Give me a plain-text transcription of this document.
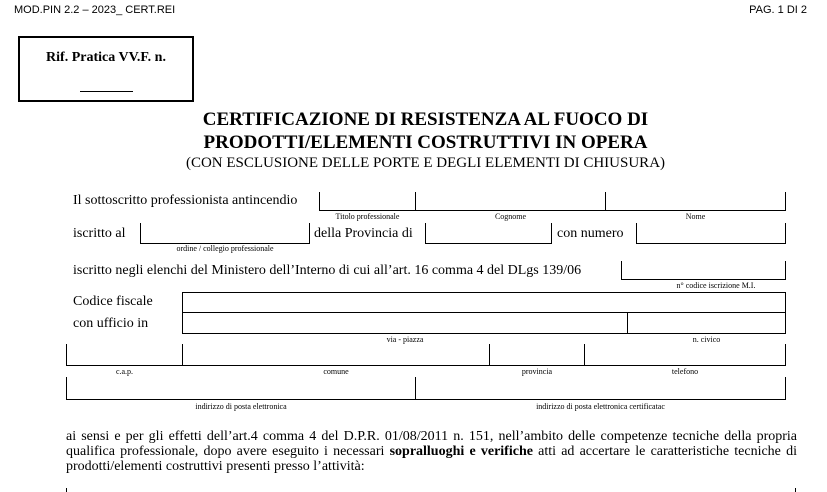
MOD.PIN 2.2 – 2023_ CERT.REI	PAG. 1 DI 2
Rif. Pratica VV.F. n.
CERTIFICAZIONE DI RESISTENZA AL FUOCO DI
PRODOTTI/ELEMENTI COSTRUTTIVI IN OPERA
(CON ESCLUSIONE DELLE PORTE E DEGLI ELEMENTI DI CHIUSURA)
Il sottoscritto professionista antincendio
Titolo professionale	Cognome	Nome
iscritto al
ordine / collegio professionale
della Provincia di	con numero
iscritto negli elenchi del Ministero dell’Interno di cui all’art. 16 comma 4 del DLgs 139/06
n° codice iscrizione M.I.
Codice fiscale
con ufficio in
via - piazza	n. civico
c.a.p.	comune	provincia	telefono
indirizzo di posta elettronica	indirizzo di posta elettronica certificatac
ai sensi e per gli effetti dell’art.4 comma 4 del D.P.R. 01/08/2011 n. 151, nell’ambito delle competenze tecniche della propria qualifica professionale, dopo avere eseguito i necessari sopralluoghi e verifiche atti ad accertare le caratteristiche tecniche di prodotti/elementi costruttivi presenti presso l’attività:
